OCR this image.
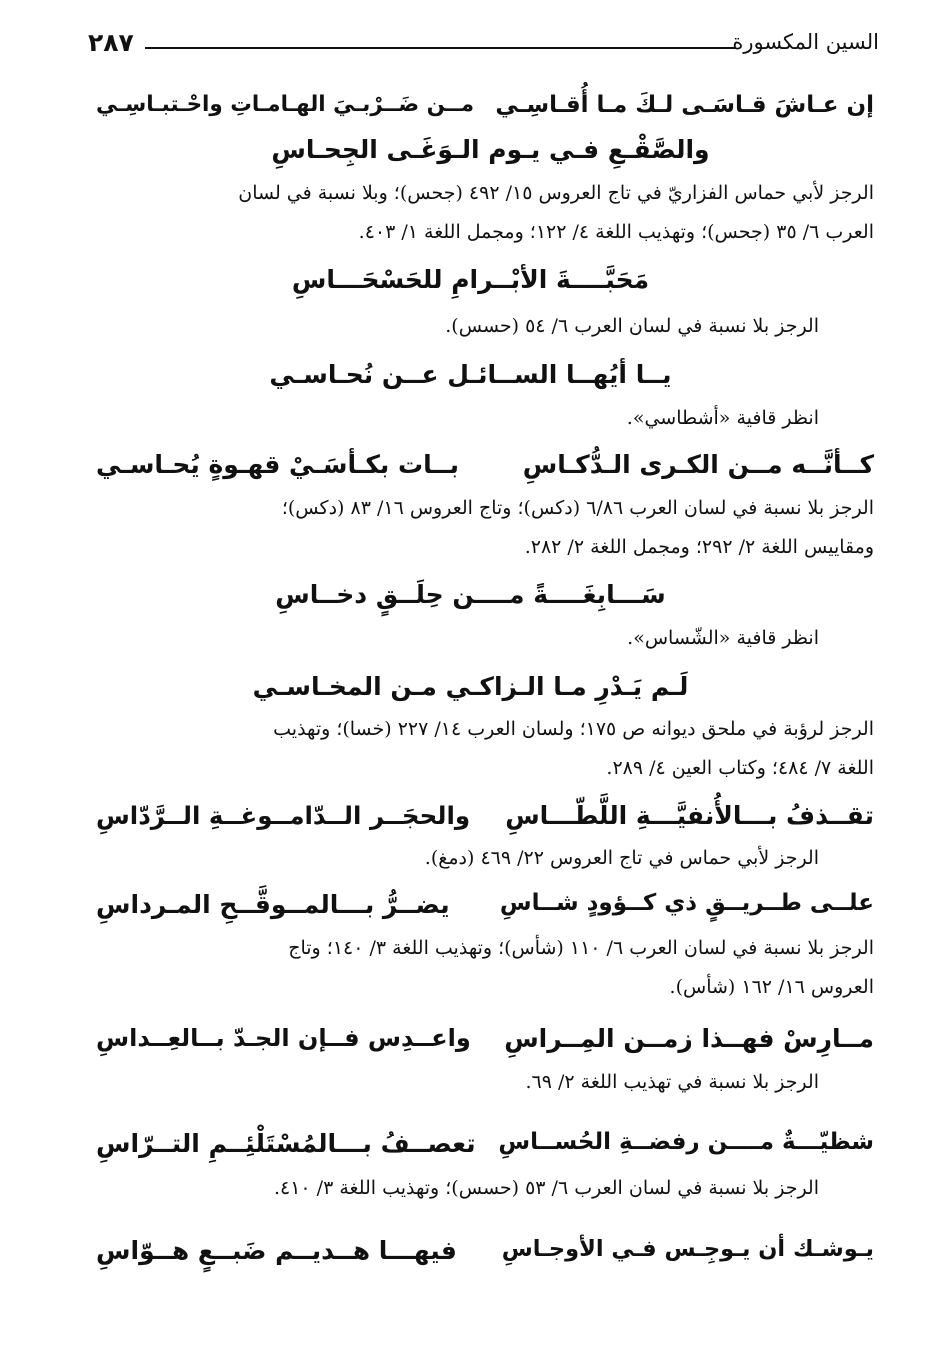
السين المكسورة
٢٨٧
إن عـاشَ قـاسَـى لـكَ مـا أُقـاسِـي
مــن ضَــرْبـيَ الهـامـاتِ واحْـتبـاسِـي
والصَّقْـعِ فـي يـوم الـوَغَـى الجِحـاسِ
الرجز لأبي حماس الفزاريّ في تاج العروس ١٥/ ٤٩٢ (جحس)؛ وبلا نسبة في لسان
العرب ٦/ ٣٥ (جحس)؛ وتهذيب اللغة ٤/ ١٢٢؛ ومجمل اللغة ١/ ٤٠٣.
مَحَبَّــــةَ الأبْــرامِ للحَسْحَـــاسِ
الرجز بلا نسبة في لسان العرب ٦/ ٥٤ (حسس).
يــا أيُهــا الســائـل عــن نُحـاسـي
انظر قافية «أشطاسي».
كــأنَّــه مــن الكـرى الـدُّكـاسِ
بــات بكـأسَـيْ قهـوةٍ يُحـاسـي
الرجز بلا نسبة في لسان العرب ٦/٨٦ (دكس)؛ وتاج العروس ١٦/ ٨٣ (دكس)؛
ومقاييس اللغة ٢/ ٢٩٢؛ ومجمل اللغة ٢/ ٢٨٢.
سَـــابِغَــــةً مــــن حِلَــقٍ دخــاسِ
انظر قافية «الشّساس».
لَـم يَـدْرِ مـا الـزاكـي مـن المخـاسـي
الرجز لرؤبة في ملحق ديوانه ص ١٧٥؛ ولسان العرب ١٤/ ٢٢٧ (خسا)؛ وتهذيب
اللغة ٧/ ٤٨٤؛ وكتاب العين ٤/ ٢٨٩.
تقــذفُ بـــالأُنفيَّـــةِ اللَّطّـــاسِ
والحجَــر الــدّامــوغــةِ الــرَّدّاسِ
الرجز لأبي حماس في تاج العروس ٢٢/ ٤٦٩ (دمغ).
علــى طــريــقٍ ذي كــؤودٍ شــاسِ
يضــرُّ بـــالمــوقَّــحِ المـرداسِ
الرجز بلا نسبة في لسان العرب ٦/ ١١٠ (شأس)؛ وتهذيب اللغة ٣/ ١٤٠؛ وتاج
العروس ١٦/ ١٦٢ (شأس).
مــارِسْ فهــذا زمــن المِــراسِ
واعــدِس فــإن الجـدّ بــالعِــداسِ
الرجز بلا نسبة في تهذيب اللغة ٢/ ٦٩.
شظيّـــةٌ مــــن رفضــةِ الحُســاسِ
تعصــفُ بـــالمُسْتَلْئِــمِ التــرّاسِ
الرجز بلا نسبة في لسان العرب ٦/ ٥٣ (حسس)؛ وتهذيب اللغة ٣/ ٤١٠.
يـوشـك أن يـوجِـس فـي الأوجـاسِ
فيهـــا هــديــم ضَبــعٍ هــوّاسِ
